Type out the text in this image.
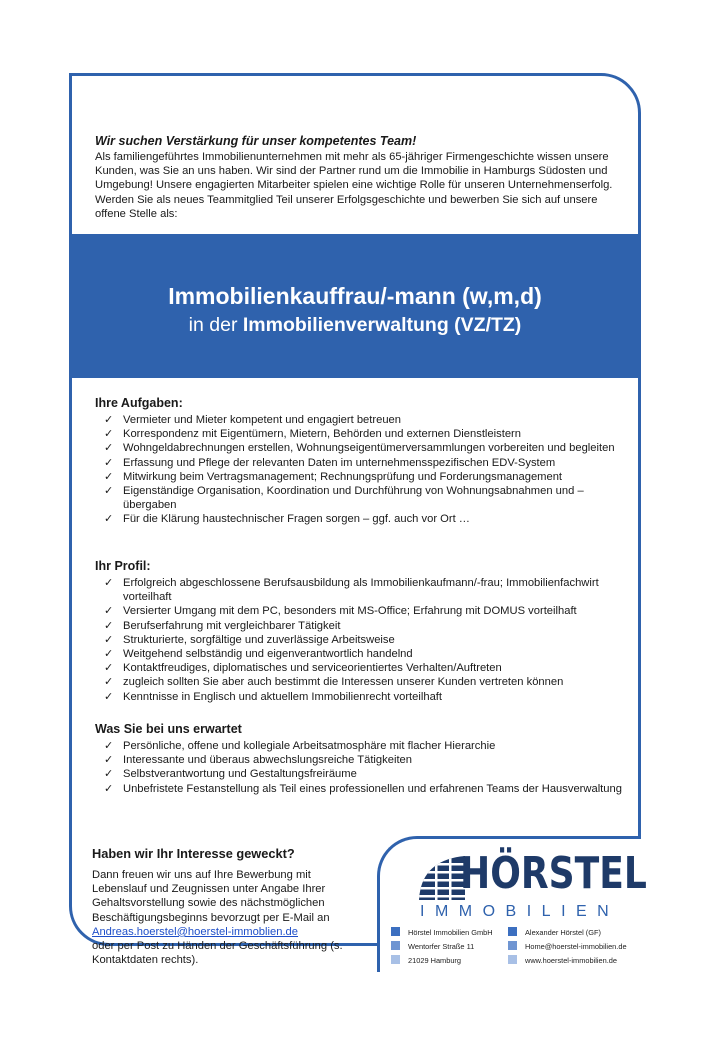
Wir suchen Verstärkung für unser kompetentes Team!

Als familiengeführtes Immobilienunternehmen mit mehr als 65-jähriger Firmengeschichte wissen unsere Kunden, was Sie an uns haben. Wir sind der Partner rund um die Immobilie in Hamburgs Südosten und Umgebung! Unsere engagierten Mitarbeiter spielen eine wichtige Rolle für unseren Unternehmenserfolg. Werden Sie als neues Teammitglied Teil unserer Erfolgsgeschichte und bewerben Sie sich auf unsere offene Stelle als:

Immobilienkauffrau/-mann (w,m,d)
in der Immobilienverwaltung (VZ/TZ)
Ihre Aufgaben:
✓ Vermieter und Mieter kompetent und engagiert betreuen
✓ Korrespondenz mit Eigentümern, Mietern, Behörden und externen Dienstleistern
✓ Wohngeldabrechnungen erstellen, Wohnungseigentümerversammlungen vorbereiten und begleiten
✓ Erfassung und Pflege der relevanten Daten im unternehmensspezifischen EDV-System
✓ Mitwirkung beim Vertragsmanagement; Rechnungsprüfung und Forderungsmanagement
✓ Eigenständige Organisation, Koordination und Durchführung von Wohnungsabnahmen und –übergaben
✓ Für die Klärung haustechnischer Fragen sorgen – ggf. auch vor Ort …
Ihr Profil:
✓ Erfolgreich abgeschlossene Berufsausbildung als Immobilienkaufmann/-frau; Immobilienfachwirt vorteilhaft
✓ Versierter Umgang mit dem PC, besonders mit MS-Office; Erfahrung mit DOMUS vorteilhaft
✓ Berufserfahrung mit vergleichbarer Tätigkeit
✓ Strukturierte, sorgfältige und zuverlässige Arbeitsweise
✓ Weitgehend selbständig und eigenverantwortlich handelnd
✓ Kontaktfreudiges, diplomatisches und serviceorientiertes Verhalten/Auftreten
✓ zugleich sollten Sie aber auch bestimmt die Interessen unserer Kunden vertreten können
✓ Kenntnisse in Englisch und aktuellem Immobilienrecht vorteilhaft
Was Sie bei uns erwartet
✓ Persönliche, offene und kollegiale Arbeitsatmosphäre mit flacher Hierarchie
✓ Interessante und überaus abwechslungsreiche Tätigkeiten
✓ Selbstverantwortung und Gestaltungsfreiräume
✓ Unbefristete Festanstellung als Teil eines professionellen und erfahrenen Teams der Hausverwaltung
Haben wir Ihr Interesse geweckt?

Dann freuen wir uns auf Ihre Bewerbung mit Lebenslauf und Zeugnissen unter Angabe Ihrer Gehaltsvorstellung sowie des nächstmöglichen Beschäftigungsbeginns bevorzugt per E-Mail an
Andreas.hoerstel@hoerstel-immoblien.de
oder per Post zu Händen der Geschäftsführung (s. Kontaktdaten rechts).

HÖRSTEL
IMMOBILIEN
Hörstel Immobilien GmbH
Wentorfer Straße 11
21029 Hamburg
Alexander Hörstel (GF)
Home@hoerstel-immobilien.de
www.hoerstel-immobilien.de
